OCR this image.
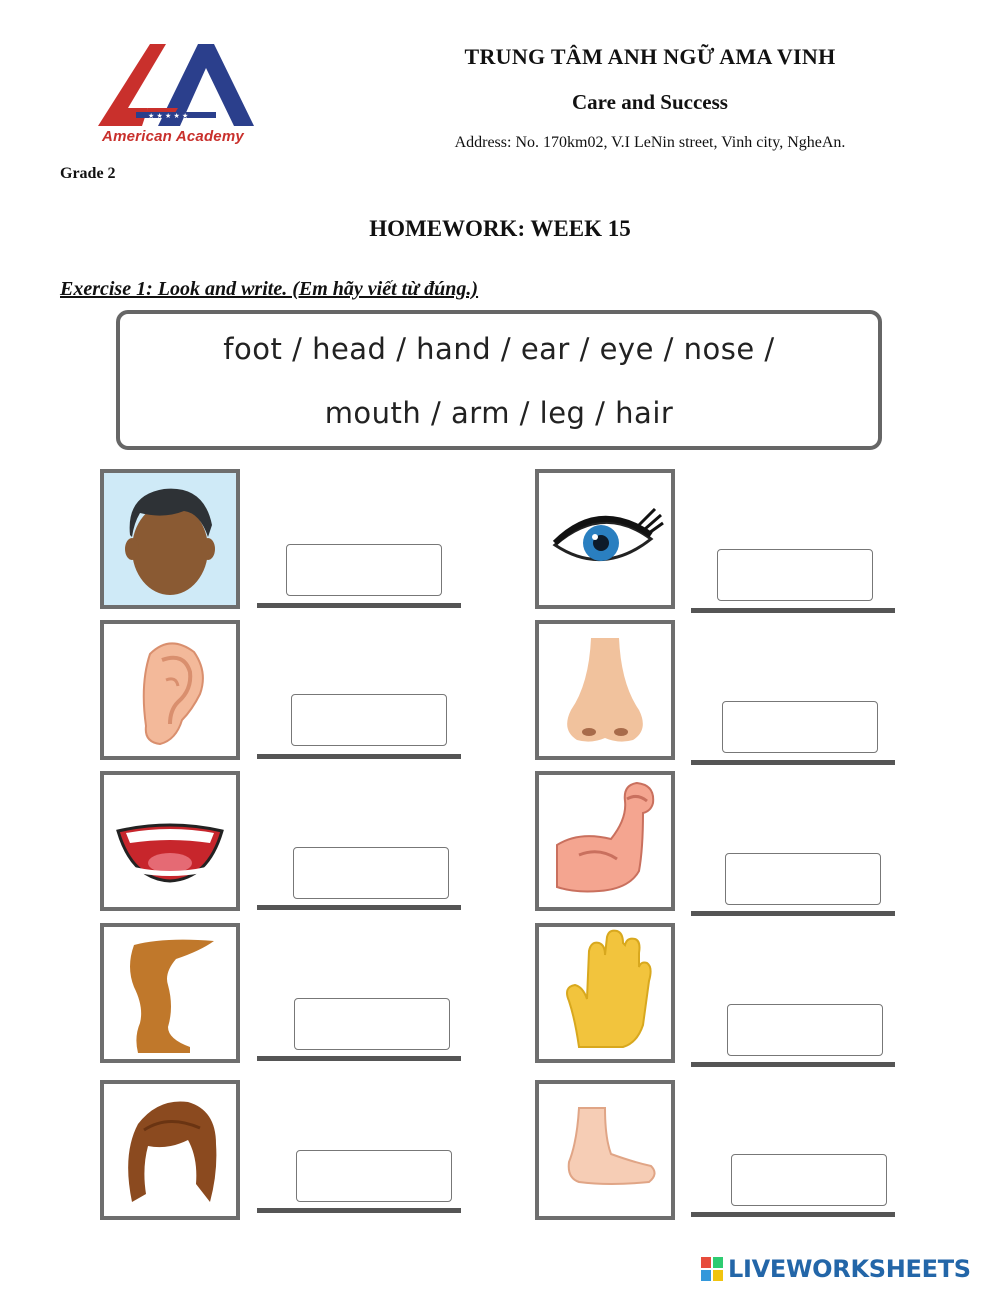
★ ★ ★ ★ ★
American Academy
Grade 2
TRUNG TÂM ANH NGỮ AMA VINH
Care and Success
Address: No. 170km02, V.I LeNin street, Vinh city, NgheAn.
HOMEWORK: WEEK 15
Exercise 1: Look and write. (Em hãy viết từ đúng.)
foot / head / hand / ear / eye / nose /
mouth / arm / leg / hair
LIVEWORKSHEETS
